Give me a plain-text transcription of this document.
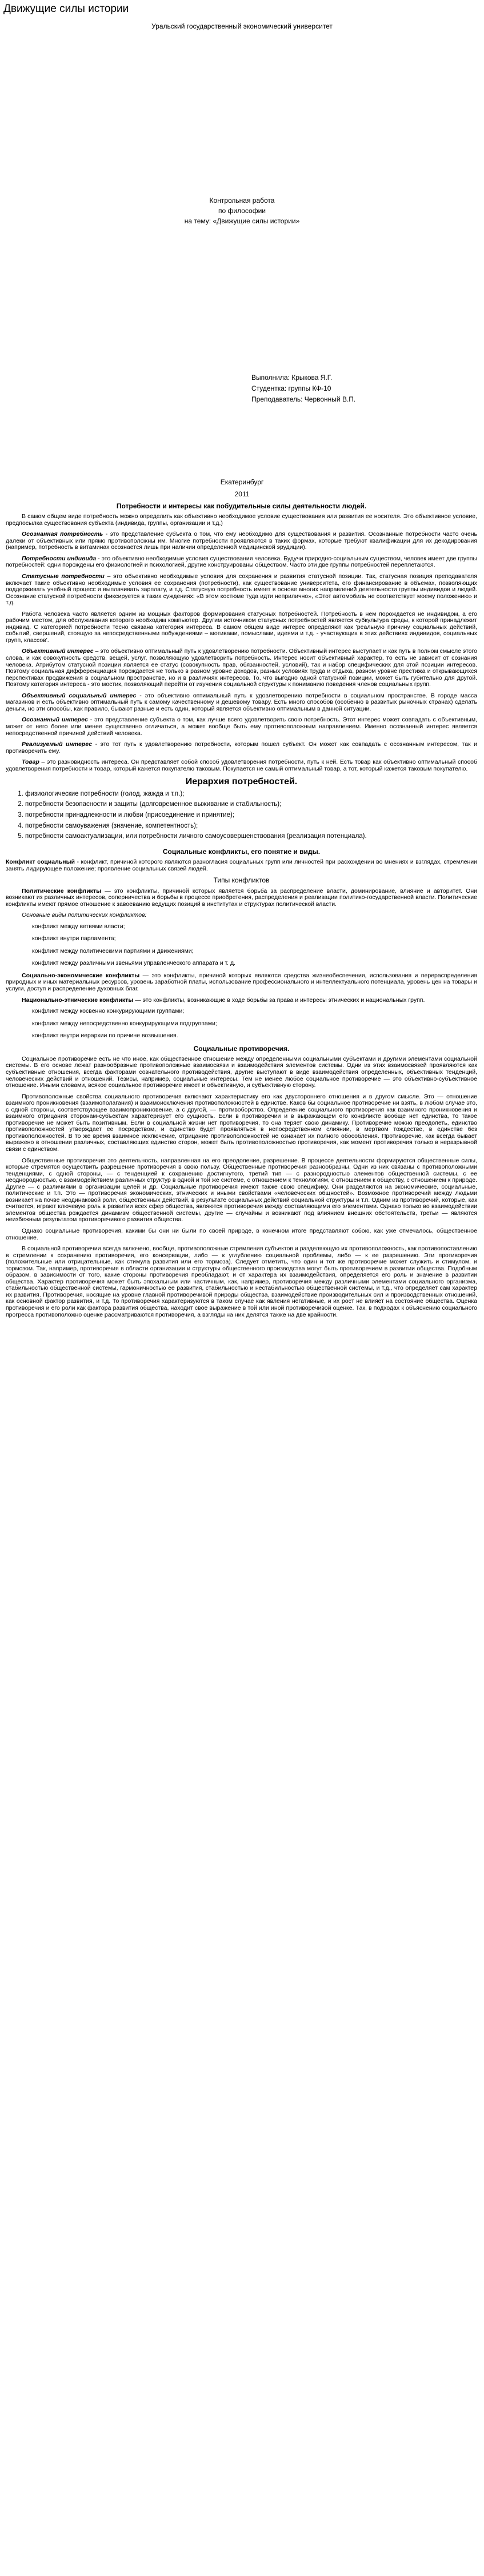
Движущие силы истории
Уральский государственный экономический университет
Контрольная работа
по философии
на тему: «Движущие силы истории»
Выполнила: Крыкова Я.Г.
Студентка: группы КФ-10
Преподаватель: Червонный В.П.
Екатеринбург
2011
Потребности и интересы как побудительные силы деятельности людей.

В самом общем виде потребность можно определить как объективно необходимое условие существования или развития ее носителя. Это объективное условие, предпосылка существования субъекта (индивида, группы, организации и т.д.)

Осознанная потребность - это представление субъекта о том, что ему необходимо для существования и развития. Осознанные потребности часто очень далеки от объективных или прямо противоположны им. Многие потребности проявляются в таких формах, которые требуют квалификации для их декодирования (например, потребность в витаминах осознается лишь при наличии определенной медицинской эрудиции).

Потребности индивида - это объективно необходимые условия существования человека. Будучи природно-социальным существом, человек имеет две группы потребностей: одни порождены его физиологией и психологией, другие конструированы обществом. Часто эти две группы потребностей переплетаются.

Статусные потребности – это объективно необходимые условия для сохранения и развития статусной позиции. Так, статусная позиция преподавателя включает такие объективно необходимые условия ее сохранения (потребности), как существование университета, его финансирование в объемах, позволяющих поддерживать учебный процесс и выплачивать зарплату, и т.д. Статусную потребность имеет в основе многих направлений деятельности группы индивидов и людей. Осознание статусной потребности фиксируется в таких суждениях: «В этом костюме туда идти неприлично», «Этот автомобиль не соответствует моему положению» и т.д.

Работа человека часто является одним из мощных факторов формирования статусных потребностей. Потребность в нем порождается не индивидом, а его рабочим местом, для обслуживания которого необходим компьютер. Другим источником статусных потребностей является субкультура среды, к которой принадлежит индивид. С категорией потребности тесно связана категория интереса. В самом общем виде интерес определяют как 'реальную причину социальных действий, событий, свершений, стоящую за непосредственными побуждениями – мотивами, помыслами, идеями и т.д. - участвующих в этих действиях индивидов, социальных групп, классов'.

Объективный интерес – это объективно оптимальный путь к удовлетворению потребности. Объективный интерес выступает и как путь в полном смысле этого слова, и как совокупность средств, вещей, услуг, позволяющую удовлетворить потребность. Интерес носит объективный характер, то есть не зависит от сознания человека. Атрибутом статусной позиции является ее статус (совокупность прав, обязанностей, условий), так и набор специфических для этой позиции интересов. Поэтому социальная дифференциация порождается не только в разном уровне доходов, разных условиях труда и отдыха, разном уровне престижа и открывающихся перспективах продвижения в социальном пространстве, но и в различиях интересов. То, что выгодно одной статусной позиции, может быть губительно для другой. Поэтому категория интереса - это мостик, позволяющий перейти от изучения социальной структуры к пониманию поведения членов социальных групп.

Объективный социальный интерес - это объективно оптимальный путь к удовлетворению потребности в социальном пространстве. В городе масса магазинов и есть объективно оптимальный путь к самому качественному и дешевому товару. Есть много способов (особенно в развитых рыночных странах) сделать деньги, но эти способы, как правило, бывают разные и есть один, который является объективно оптимальным в данной ситуации.

Осознанный интерес - это представление субъекта о том, как лучше всего удовлетворить свою потребность. Этот интерес может совпадать с объективным, может от него более или менее существенно отличаться, а может вообще быть ему противоположным направлением. Именно осознанный интерес является непосредственной причиной действий человека.

Реализуемый интерес - это тот путь к удовлетворению потребности, которым пошел субъект. Он может как совпадать с осознанным интересом, так и противоречить ему.

Товар – это разновидность интереса. Он представляет собой способ удовлетворения потребности, путь к ней. Есть товар как объективно оптимальный способ удовлетворения потребности и товар, который кажется покупателю таковым. Покупается не самый оптимальный товар, а тот, который кажется таковым покупателю.

Иерархия потребностей.
1. физиологические потребности (голод, жажда и т.п.);
2. потребности безопасности и защиты (долговременное выживание и стабильность);
3. потребности принадлежности и любви (присоединение и принятие);
4. потребности самоуважения (значение, компетентность);
5. потребности самоактуализации, или потребности личного самоусовершенствования (реализация потенциала).
Социальные конфликты, его понятие и виды.

Конфликт социальный - конфликт, причиной которого являются разногласия социальных групп или личностей при расхождении во мнениях и взглядах, стремлении занять лидирующее положение; проявление социальных связей людей.

Типы конфликтов

Политические конфликты — это конфликты, причиной которых является борьба за распределение власти, доминирование, влияние и авторитет. Они возникают из различных интересов, соперничества и борьбы в процессе приобретения, распределения и реализации политико-государственной власти. Политические конфликты имеют прямое отношение к завоеванию ведущих позиций в институтах и структурах политической власти.

Основные виды политических конфликтов:

конфликт между ветвями власти;
конфликт внутри парламента;
конфликт между политическими партиями и движениями;
конфликт между различными звеньями управленческого аппарата и т. д.

Социально-экономические конфликты — это конфликты, причиной которых являются средства жизнеобеспечения, использования и перераспределения природных и иных материальных ресурсов, уровень заработной платы, использование профессионального и интеллектуального потенциала, уровень цен на товары и услуги, доступ и распределение духовных благ.

Национально-этнические конфликты — это конфликты, возникающие в ходе борьбы за права и интересы этнических и национальных групп.

конфликт между косвенно конкурирующими группами;
конфликт между непосредственно конкурирующими подгруппами;
конфликт внутри иерархии по причине возвышения.
Социальные противоречия.

Социальное противоречие есть не что иное, как общественное отношение между определенными социальными субъектами и другими элементами социальной системы. В его основе лежат разнообразные противоположные взаимосвязи и взаимодействия элементов системы. Одни из этих взаимосвязей проявляются как субъективные отношения, всегда факторами сознательного противодействия, другие выступают в виде взаимодействия определенных, объективных тенденций, человеческих действий и отношений. Тезисы, например, социальные интересы. Тем не менее любое социальное противоречие — это объективно-субъективное отношение. Иными словами, всякое социальное противоречие имеет и объективную, и субъективную сторону.

Противоположные свойства социального противоречия включают характеристику его как двустороннего отношения и в другом смысле. Это — отношение взаимного проникновения (взаимополагания) и взаимоисключения противоположностей в единстве. Каков бы социальное противоречие ни взять, в любом случае это, с одной стороны, соответствующее взаимопроникновение, а с другой, — противоборство. Определение социального противоречия как взаимного проникновения и взаимного отрицания сторонам-субъектам характеризует его сущность. Если в противоречии и в выражающем его конфликте вообще нет единства, то такое противоречие не может быть позитивным. Если в социальной жизни нет противоречия, то она теряет свою динамику. Противоречие можно преодолеть, единство противоположностей утверждает ее посредством, и единство будет проявляться в непосредственном слиянии, в мертвом тождестве, в единстве без противоположностей. В то же время взаимное исключение, отрицание противоположностей не означает их полного обособления. Противоречие, как всегда бывает выражено в отношении различных, составляющих единство сторон, может быть противоположностью противоречия, как момент противоречия только в неразрывной связи с единством.

Общественные противоречия это деятельность, направленная на его преодоление, разрешение. В процессе деятельности формируются общественные силы, которые стремятся осуществить разрешение противоречия в свою пользу. Общественные противоречия разнообразны. Одни из них связаны с противоположными тенденциями, с одной стороны, — с тенденцией к сохранению достигнутого, третий тип — с разнородностью элементов общественной системы, с ее неоднородностью, с взаимодействием различных структур в одной и той же системе, с отношением к технологиям, с отношением к обществу, с отношением к природе. Другие — с различиями в организации целей и др. Социальные противоречия имеют также свою специфику. Они разделяются на экономические, социальные, политические и т.п. Это — противоречия экономических, этнических и иными свойствами «человеческих общностей». Возможное противоречий между людьми возникает на почве неодинаковой роли, общественных действий, в результате социальных действий социальной структуры и т.п. Одним из противоречий, которые, как считается, играют ключевую роль в развитии всех сфер общества, являются противоречия между составляющими его элементами. Однако только во взаимодействии элементов общества рождается динамизм общественной системы, другие — случайны и возникают под влиянием внешних обстоятельств, третьи — являются неизбежным результатом противоречивого развития общества.

Однако социальные противоречия, какими бы они ни были по своей природе, в конечном итоге представляют собою, как уже отмечалось, общественное отношение.

В социальной противоречии всегда включено, вообще, противоположные стремления субъектов и разделяющую их противоположность, как противопоставлению в стремлении к сохранению противоречия, его консервации, либо — к углублению социальной проблемы, либо — к ее разрешению. Эти противоречия (положительные или отрицательные, как стимула развития или его тормоза). Следует отметить, что один и тот же противоречие может служить и стимулом, и тормозом. Так, например, противоречия в области организации и структуры общественного производства могут быть противоречием в развитии общества. Подобным образом, в зависимости от того, какие стороны противоречия преобладают, и от характера их взаимодействия, определяется его роль и значение в развитии общества. Характер противоречия может быть эпохальным или частичным, как, например, противоречия между различными элементами социального организма, стабильностью общественной системы, гармоничностью ее развития, стабильностью и нестабильностью общественной системы, и т.д., что определяет сам характер их развития. Противоречия, носящие на уровне главной противоречивой природы общества, взаимодействие производительных сил и производственных отношений, как основной фактор развития, и т.д. То противоречия характеризуются в таком случае как явления негативные, и их рост не влияет на состояние общества. Оценка противоречия и его роли как фактора развития общества, находит свое выражение в той или иной противоречивой оценке. Так, в подходах к объяснению социального прогресса противоположно оценке рассматриваются противоречия, а взгляды на них делятся также на две крайности.
